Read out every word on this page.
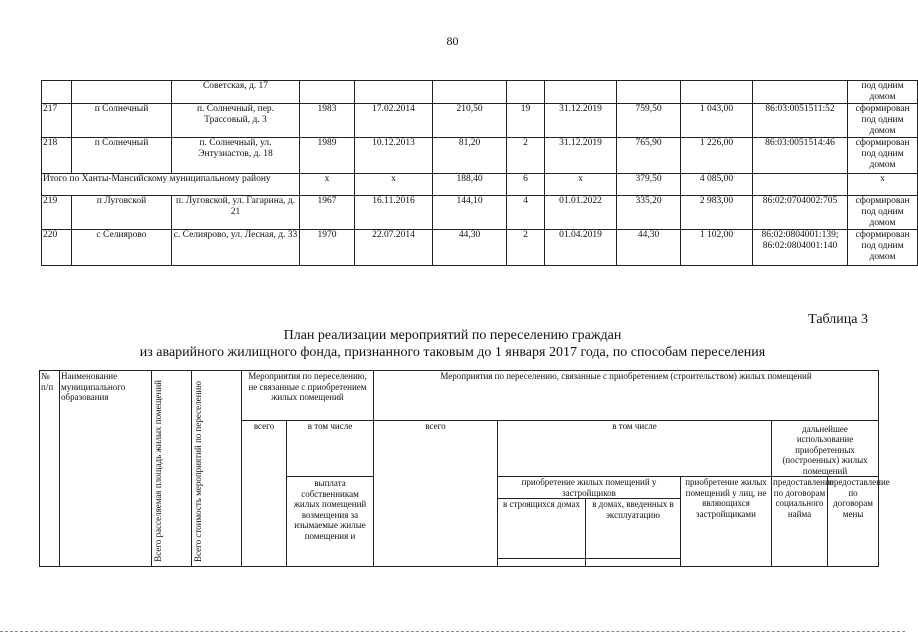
80
		Советская, д. 17									под одним домом
217	п Солнечный	п. Солнечный, пер. Трассовый, д. 3	1983	17.02.2014	210,50	19	31.12.2019	759,50	1 043,00	86:03:0051511:52	сформирован под одним домом
218	п Солнечный	п. Солнечный, ул. Энтузиастов, д. 18	1989	10.12.2013	81,20	2	31.12.2019	765,90	1 226,00	86:03:0051514:46	сформирован под одним домом
Итого по Ханты-Мансийскому муниципальному району			x	x	188,40	6	x	379,50	4 085,00		x
219	п Луговской	п. Луговской, ул. Гагарина, д. 21	1967	16.11.2016	144,10	4	01.01.2022	335,20	2 983,00	86:02:0704002:705	сформирован под одним домом
220	с Селиярово	с. Селиярово, ул. Лесная, д. 33	1970	22.07.2014	44,30	2	01.04.2019	44,30	1 102,00	86:02:0804001:139; 86:02:0804001:140	сформирован под одним домом
Таблица 3
План реализации мероприятий по переселению граждан
из аварийного жилищного фонда, признанного таковым до 1 января 2017 года, по способам переселения
№ п/п	Наименование муниципального образования	Всего расселяемая площадь жилых помещений	Всего стоимость мероприятий по переселению	Мероприятия по переселению, не связанные с приобретением жилых помещений		Мероприятия по переселению, связанные с приобретением (строительством) жилых помещений					
				всего	в том числе	всего	в том числе			дальнейшее использование приобретенных (построенных) жилых помещений	
					выплата собственникам жилых помещений возмещения за изымаемые жилые помещения и		приобретение жилых помещений у застройщиков		приобретение жилых помещений у лиц, не являющихся застройщиками	предоставление по договорам социального найма	предоставление по договорам мены
							в строящихся домах	в домах, введенных в эксплуатацию			
